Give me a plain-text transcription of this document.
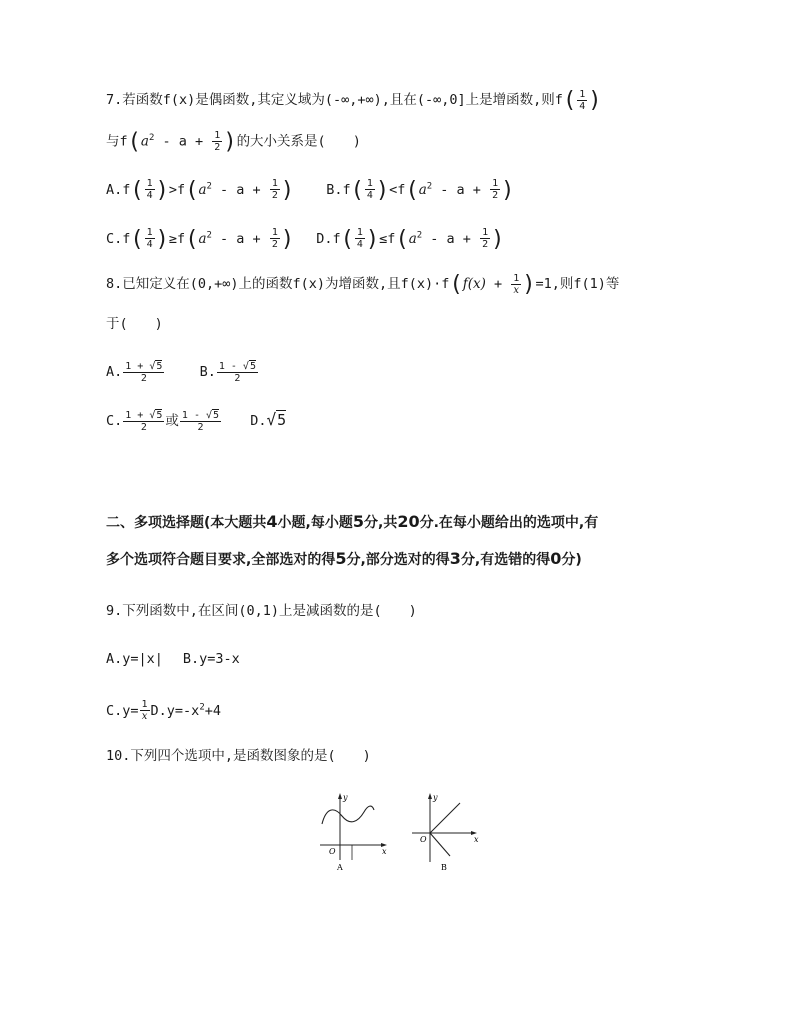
7.若函数f(x)是偶函数,其定义域为(-∞,+∞),且在(-∞,0]上是增函数,则$f( \frac{1}{4}$ )
与$f(a^2 - a + \frac{1}{2}$ )的大小关系是(　　)
$A.f( \frac{1}{4} )>f(a^2 - a + \frac{1}{2}$ ) $B.f( \frac{1}{4} )<f(a^2 - a + \frac{1}{2}$ )
$C.f( \frac{1}{4} )\ge f(a^2 - a + \frac{1}{2}$ ) $D.f( \frac{1}{4} )\le f(a^2 - a + \frac{1}{2}$ )
8.已知定义在(0,+∞)上的函数f(x)为增函数,且$f(x)\cdot f(f(x) + \frac{1}{x} )=1$,则f(1)等
于(　　)
A. $\frac{1 + √5}{2}$	B. $\frac{1 - √5}{2}$
C. $\frac{1 + √5}{2}$ 或 $\frac{1 - √5}{2} D.√5$
二、多项选择题(本大题共4小题,每小题5分,共20分.在每小题给出的选项中,有
多个选项符合题目要求,全部选对的得5分,部分选对的得3分,有选错的得0分)
9.下列函数中,在区间(0,1)上是减函数的是(　　)
A.y=|x| B.y=3-x
$C.y= \frac{1}{x} D.y=-x^2+4$
10.下列四个选项中,是函数图象的是(　　)
y
x
O
A
y
x
O
B
